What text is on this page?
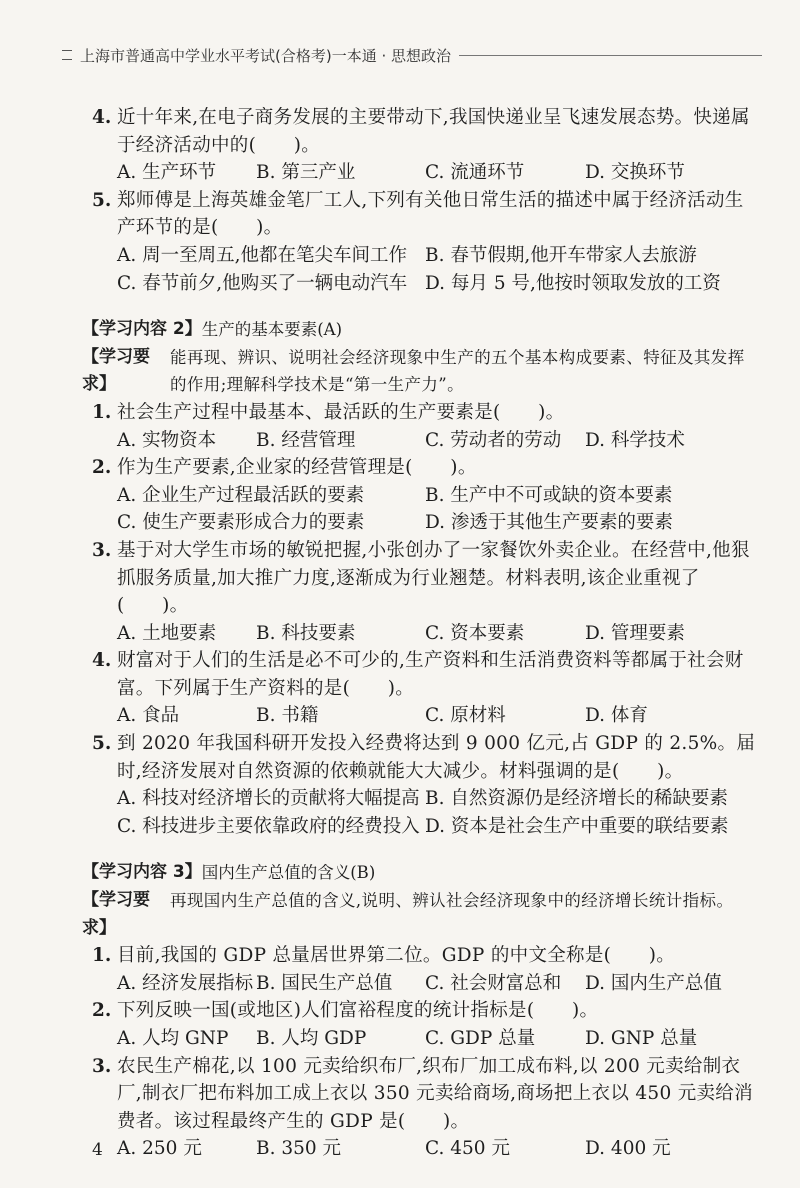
上海市普通高中学业水平考试(合格考)一本通 · 思想政治
4. 近十年来,在电子商务发展的主要带动下,我国快递业呈飞速发展态势。快递属于经济活动中的(　　)。
A. 生产环节	B. 第三产业	C. 流通环节	D. 交换环节
5. 郑师傅是上海英雄金笔厂工人,下列有关他日常生活的描述中属于经济活动生产环节的是(　　)。
A. 周一至周五,他都在笔尖车间工作 B. 春节假期,他开车带家人去旅游
C. 春节前夕,他购买了一辆电动汽车 D. 每月 5 号,他按时领取发放的工资
【学习内容 2】 生产的基本要素(A)
【学习要求】
能再现、辨识、说明社会经济现象中生产的五个基本构成要素、特征及其发挥的作用;理解科学技术是“第一生产力”。
1. 社会生产过程中最基本、最活跃的生产要素是(　　)。
A. 实物资本	B. 经营管理	C. 劳动者的劳动	D. 科学技术
2. 作为生产要素,企业家的经营管理是(　　)。
A. 企业生产过程最活跃的要素	B. 生产中不可或缺的资本要素
C. 使生产要素形成合力的要素	D. 渗透于其他生产要素的要素
3. 基于对大学生市场的敏锐把握,小张创办了一家餐饮外卖企业。在经营中,他狠抓服务质量,加大推广力度,逐渐成为行业翘楚。材料表明,该企业重视了(　　)。
A. 土地要素	B. 科技要素	C. 资本要素	D. 管理要素
4. 财富对于人们的生活是必不可少的,生产资料和生活消费资料等都属于社会财富。下列属于生产资料的是(　　)。
A. 食品	B. 书籍	C. 原材料	D. 体育
5. 到 2020 年我国科研开发投入经费将达到 9 000 亿元,占 GDP 的 2.5%。届时,经济发展对自然资源的依赖就能大大减少。材料强调的是(　　)。
A. 科技对经济增长的贡献将大幅提高 B. 自然资源仍是经济增长的稀缺要素
C. 科技进步主要依靠政府的经费投入 D. 资本是社会生产中重要的联结要素
【学习内容 3】 国内生产总值的含义(B)
【学习要求】
再现国内生产总值的含义,说明、辨认社会经济现象中的经济增长统计指标。
1. 目前,我国的 GDP 总量居世界第二位。GDP 的中文全称是(　　)。
A. 经济发展指标 B. 国民生产总值	C. 社会财富总和	D. 国内生产总值
2. 下列反映一国(或地区)人们富裕程度的统计指标是(　　)。
A. 人均 GNP	B. 人均 GDP	C. GDP 总量	D. GNP 总量
3. 农民生产棉花,以 100 元卖给织布厂,织布厂加工成布料,以 200 元卖给制衣厂,制衣厂把布料加工成上衣以 350 元卖给商场,商场把上衣以 450 元卖给消费者。该过程最终产生的 GDP 是(　　)。
A. 250 元	B. 350 元	C. 450 元	D. 400 元
4
